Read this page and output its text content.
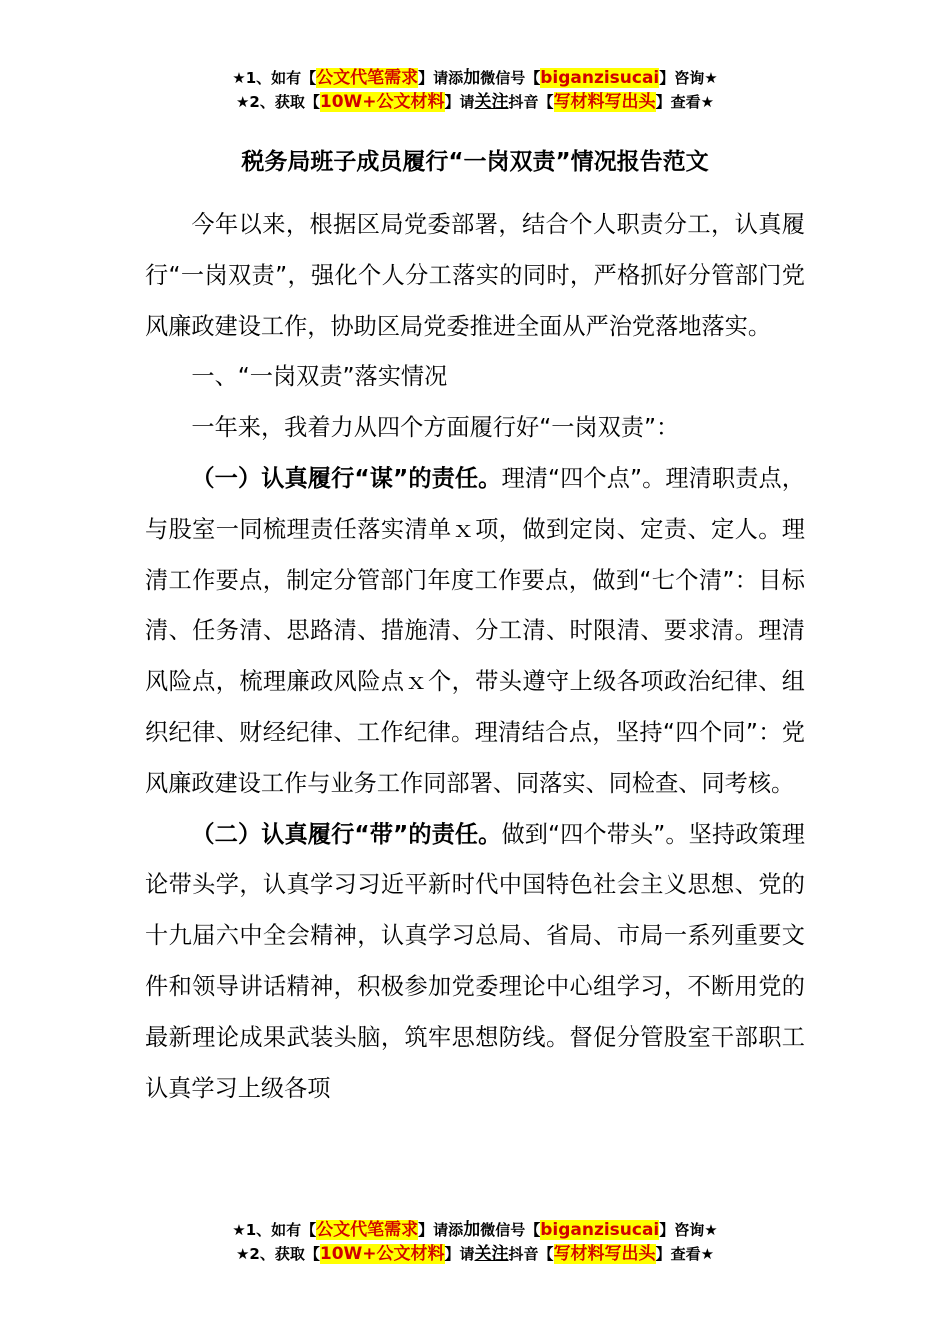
★1、如有【公文代笔需求】请添加微信号【biganzisucai】咨询★
★2、获取【10W+公文材料】请关注抖音【写材料写出头】查看★
税务局班子成员履行“一岗双责”情况报告范文

今年以来，根据区局党委部署，结合个人职责分工，认真履行“一岗双责”，强化个人分工落实的同时，严格抓好分管部门党风廉政建设工作，协助区局党委推进全面从严治党落地落实。

一、“一岗双责”落实情况

一年来，我着力从四个方面履行好“一岗双责”：

（一）认真履行“谋”的责任。理清“四个点”。理清职责点，与股室一同梳理责任落实清单ｘ项，做到定岗、定责、定人。理清工作要点，制定分管部门年度工作要点，做到“七个清”：目标清、任务清、思路清、措施清、分工清、时限清、要求清。理清风险点，梳理廉政风险点ｘ个，带头遵守上级各项政治纪律、组织纪律、财经纪律、工作纪律。理清结合点，坚持“四个同”：党风廉政建设工作与业务工作同部署、同落实、同检查、同考核。

（二）认真履行“带”的责任。做到“四个带头”。坚持政策理论带头学，认真学习习近平新时代中国特色社会主义思想、党的十九届六中全会精神，认真学习总局、省局、市局一系列重要文件和领导讲话精神，积极参加党委理论中心组学习，不断用党的最新理论成果武装头脑，筑牢思想防线。督促分管股室干部职工认真学习上级各项

★1、如有【公文代笔需求】请添加微信号【biganzisucai】咨询★
★2、获取【10W+公文材料】请关注抖音【写材料写出头】查看★
